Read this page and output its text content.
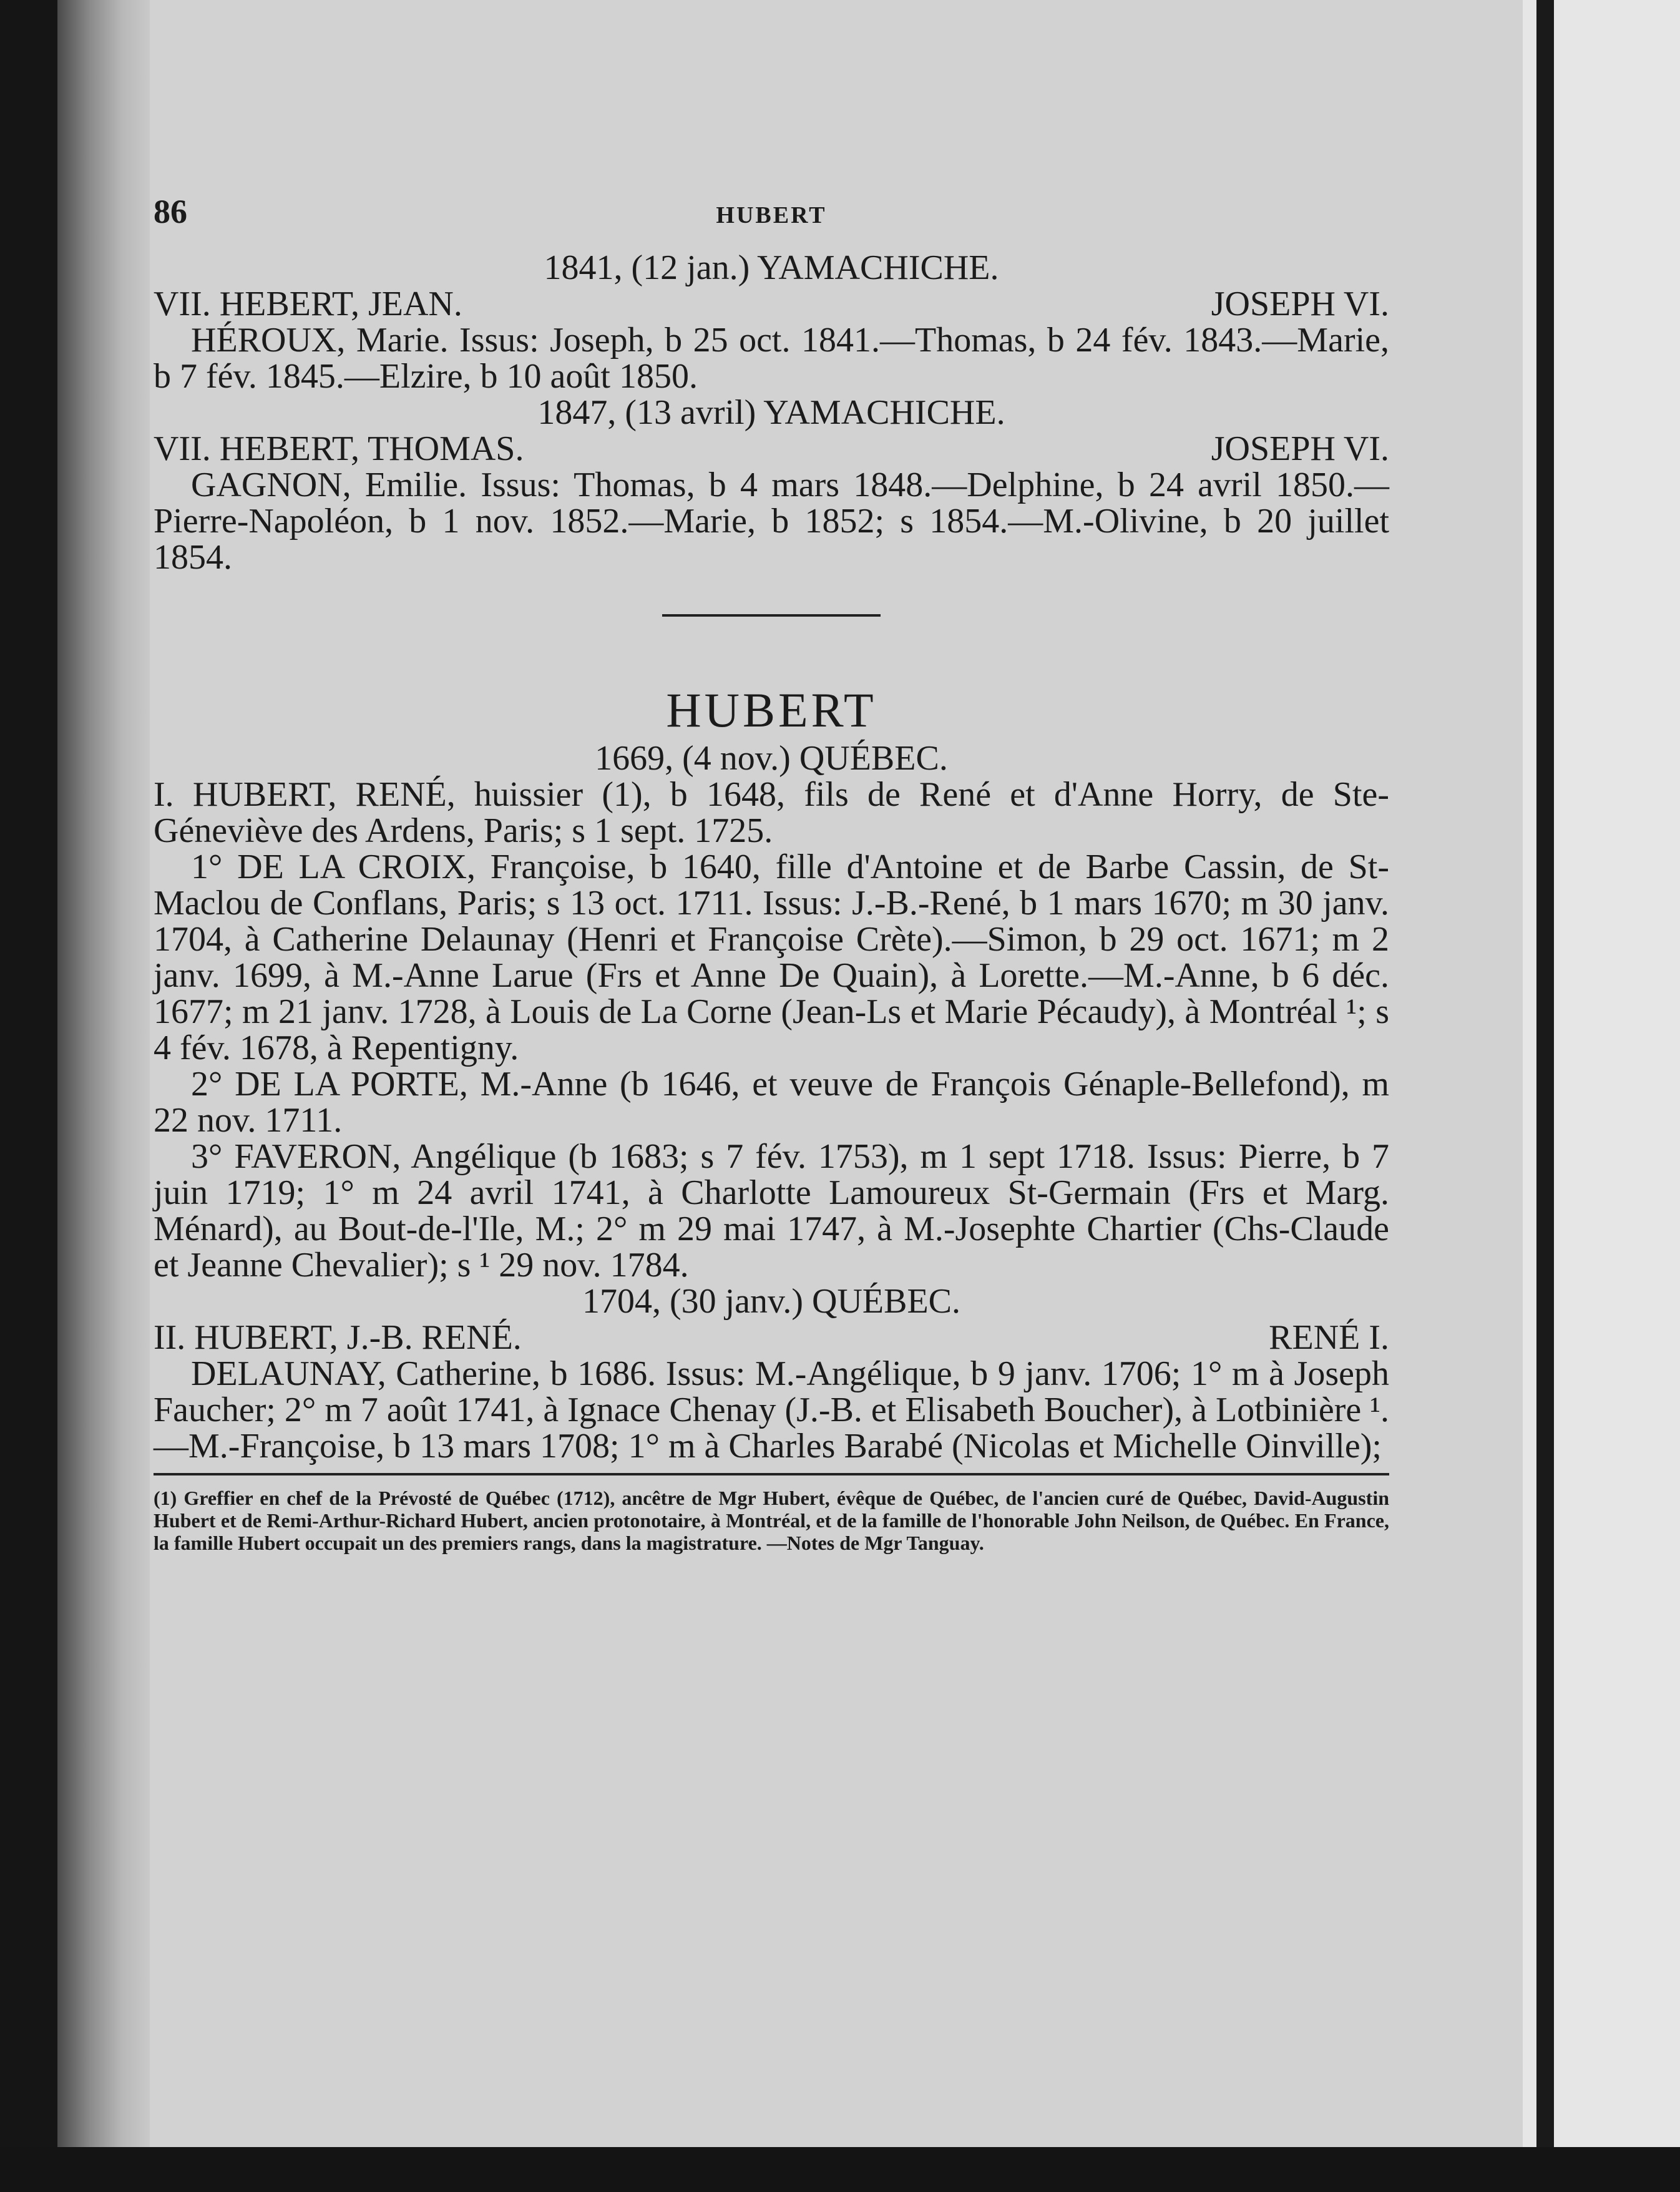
86	HUBERT
1841, (12 jan.) YAMACHICHE.
VII. HEBERT, JEAN.	JOSEPH VI.

HÉROUX, Marie. Issus: Joseph, b 25 oct. 1841.—Thomas, b 24 fév. 1843.—Marie, b 7 fév. 1845.—Elzire, b 10 août 1850.

1847, (13 avril) YAMACHICHE.
VII. HEBERT, THOMAS.	JOSEPH VI.

GAGNON, Emilie. Issus: Thomas, b 4 mars 1848.—Delphine, b 24 avril 1850.—Pierre-Napoléon, b 1 nov. 1852.—Marie, b 1852; s 1854.—M.-Olivine, b 20 juillet 1854.

HUBERT
1669, (4 nov.) QUÉBEC.

I. HUBERT, RENÉ, huissier (1), b 1648, fils de René et d'Anne Horry, de Ste-Géneviève des Ardens, Paris; s 1 sept. 1725.

1° DE LA CROIX, Françoise, b 1640, fille d'Antoine et de Barbe Cassin, de St-Maclou de Conflans, Paris; s 13 oct. 1711. Issus: J.-B.-René, b 1 mars 1670; m 30 janv. 1704, à Catherine Delaunay (Henri et Françoise Crète).—Simon, b 29 oct. 1671; m 2 janv. 1699, à M.-Anne Larue (Frs et Anne De Quain), à Lorette.—M.-Anne, b 6 déc. 1677; m 21 janv. 1728, à Louis de La Corne (Jean-Ls et Marie Pécaudy), à Montréal ¹; s 4 fév. 1678, à Repentigny.

2° DE LA PORTE, M.-Anne (b 1646, et veuve de François Génaple-Bellefond), m 22 nov. 1711.

3° FAVERON, Angélique (b 1683; s 7 fév. 1753), m 1 sept 1718. Issus: Pierre, b 7 juin 1719; 1° m 24 avril 1741, à Charlotte Lamoureux St-Germain (Frs et Marg. Ménard), au Bout-de-l'Ile, M.; 2° m 29 mai 1747, à M.-Josephte Chartier (Chs-Claude et Jeanne Chevalier); s ¹ 29 nov. 1784.

1704, (30 janv.) QUÉBEC.
II. HUBERT, J.-B. RENÉ.	RENÉ I.

DELAUNAY, Catherine, b 1686. Issus: M.-Angélique, b 9 janv. 1706; 1° m à Joseph Faucher; 2° m 7 août 1741, à Ignace Chenay (J.-B. et Elisabeth Boucher), à Lotbinière ¹.—M.-Françoise, b 13 mars 1708; 1° m à Charles Barabé (Nicolas et Michelle Oinville);

(1) Greffier en chef de la Prévosté de Québec (1712), ancêtre de Mgr Hubert, évêque de Québec, de l'ancien curé de Québec, David-Augustin Hubert et de Remi-Arthur-Richard Hubert, ancien protonotaire, à Montréal, et de la famille de l'honorable John Neilson, de Québec. En France, la famille Hubert occupait un des premiers rangs, dans la magistrature. —Notes de Mgr Tanguay.
